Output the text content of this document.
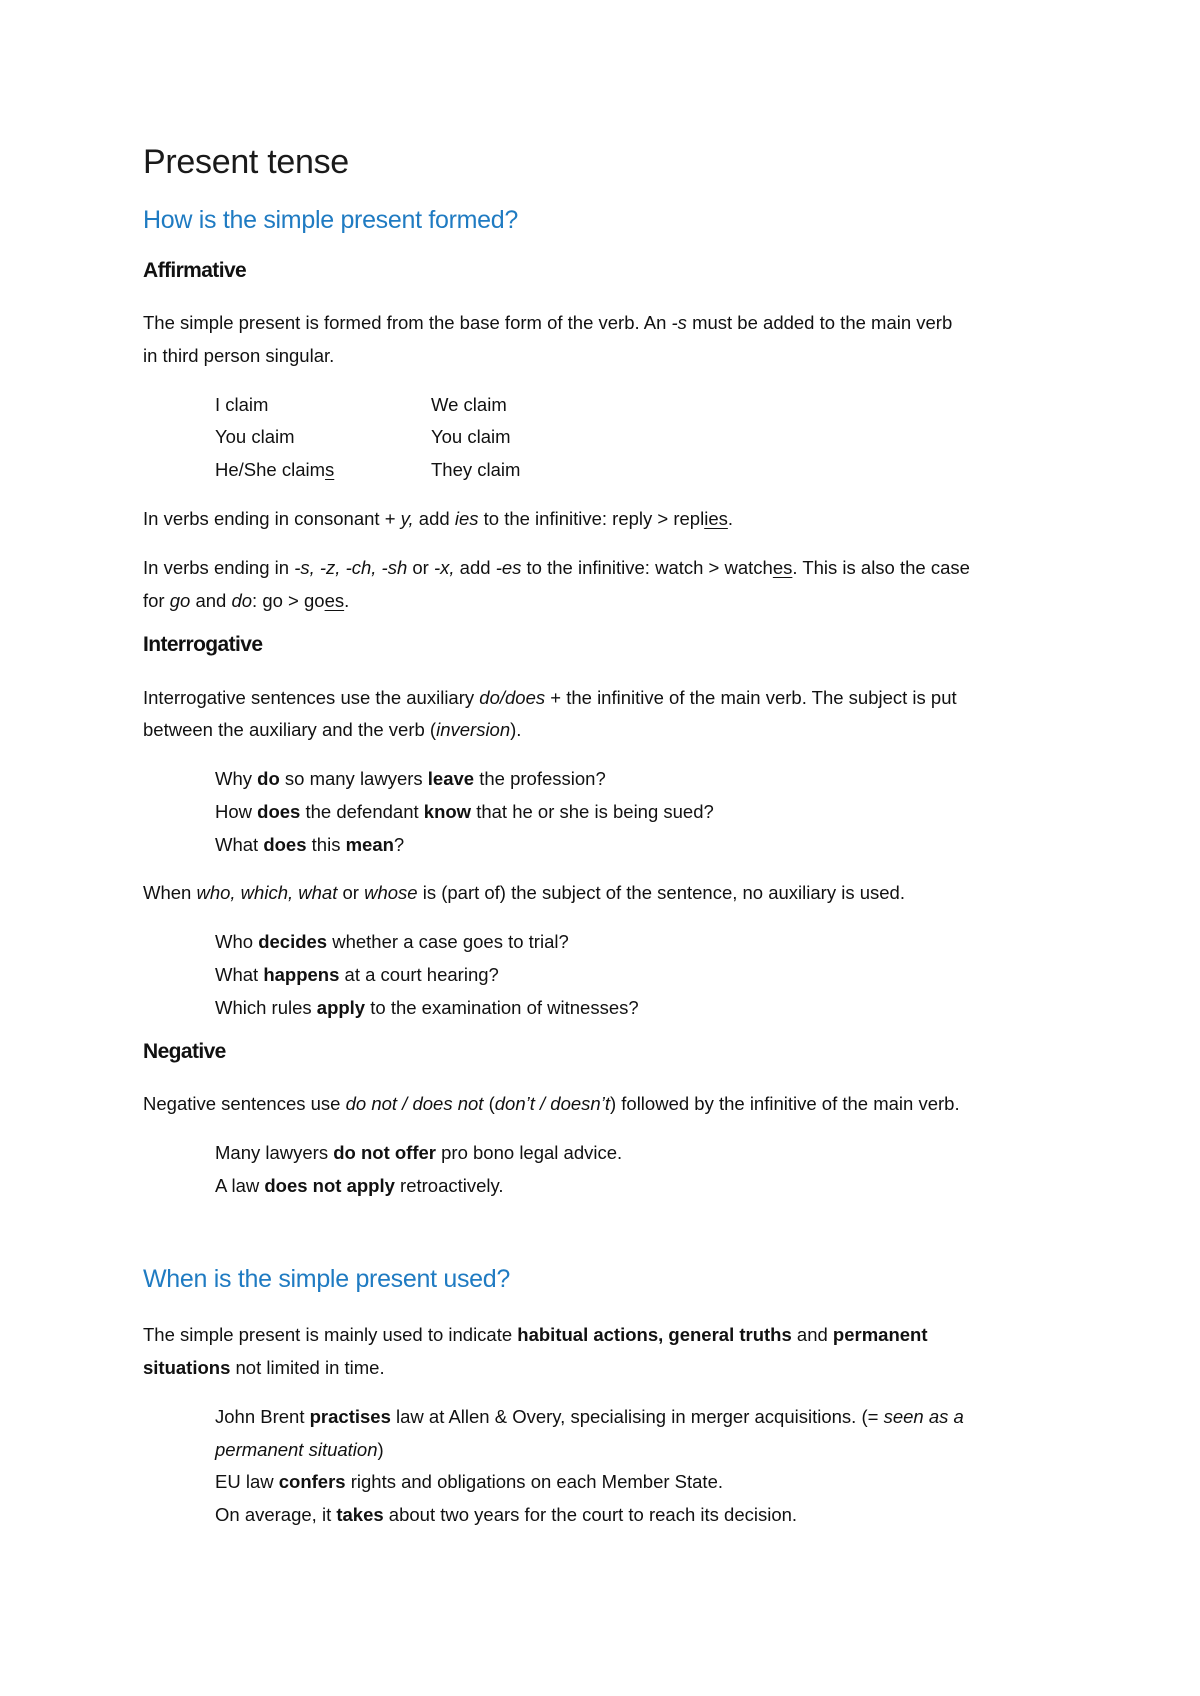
Present tense
How is the simple present formed?
Affirmative
The simple present is formed from the base form of the verb. An -s must be added to the main verb
in third person singular.
I claim
You claim
He/She claims
We claim
You claim
They claim
In verbs ending in consonant + y, add ies to the infinitive: reply > replies.
In verbs ending in -s, -z, -ch, -sh or -x, add -es to the infinitive: watch > watches. This is also the case
for go and do: go > goes.
Interrogative
Interrogative sentences use the auxiliary do/does + the infinitive of the main verb. The subject is put
between the auxiliary and the verb (inversion).
Why do so many lawyers leave the profession?
How does the defendant know that he or she is being sued?
What does this mean?
When who, which, what or whose is (part of) the subject of the sentence, no auxiliary is used.
Who decides whether a case goes to trial?
What happens at a court hearing?
Which rules apply to the examination of witnesses?
Negative
Negative sentences use do not / does not (don’t / doesn’t) followed by the infinitive of the main verb.
Many lawyers do not offer pro bono legal advice.
A law does not apply retroactively.
When is the simple present used?
The simple present is mainly used to indicate habitual actions, general truths and permanent
situations not limited in time.
John Brent practises law at Allen & Overy, specialising in merger acquisitions. (= seen as a
permanent situation)
EU law confers rights and obligations on each Member State.
On average, it takes about two years for the court to reach its decision.
